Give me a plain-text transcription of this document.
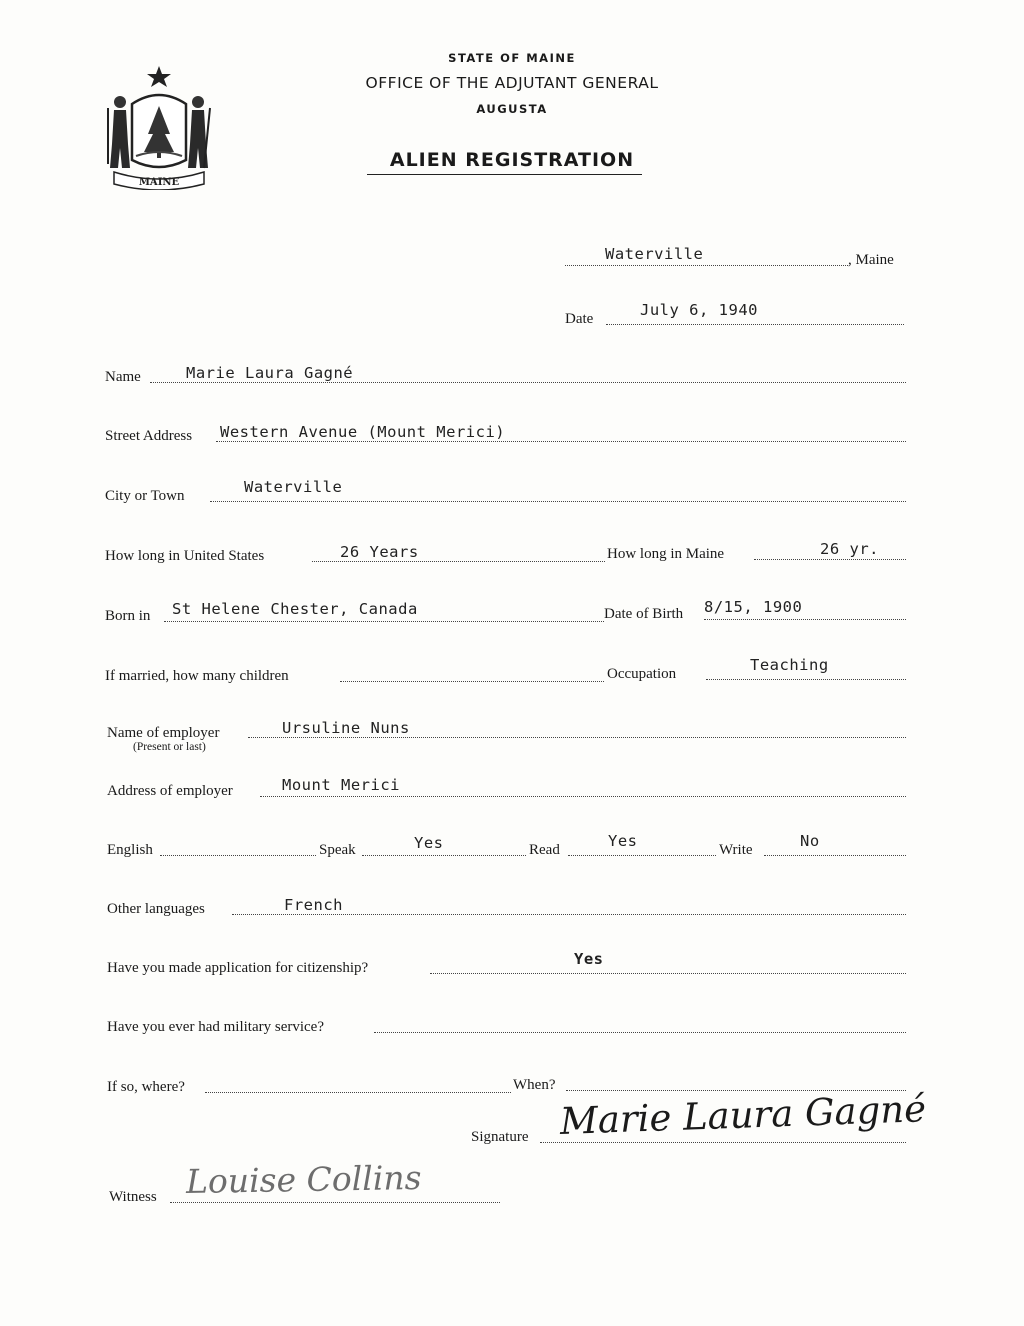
MAINE
STATE OF MAINE
OFFICE OF THE ADJUTANT GENERAL
AUGUSTA
ALIEN REGISTRATION
Waterville	, Maine
Date	July 6, 1940
Name	Marie Laura Gagné
Street Address Western Avenue (Mount Merici)
City or Town	Waterville
How long in United States	26 Years	How long in Maine	26 yr.
Born in St Helene Chester, Canada	Date of Birth 8/15, 1900
If married, how many children	Occupation	Teaching
Name of employer
(Present or last)
Ursuline Nuns
Address of employer	Mount Merici
English	Speak	Yes	Read	Yes	Write	No
Other languages	French
Have you made application for citizenship?	Yes
Have you ever had military service?
If so, where?	When?
Signature Marie Laura Gagné
Witness Louise Collins
